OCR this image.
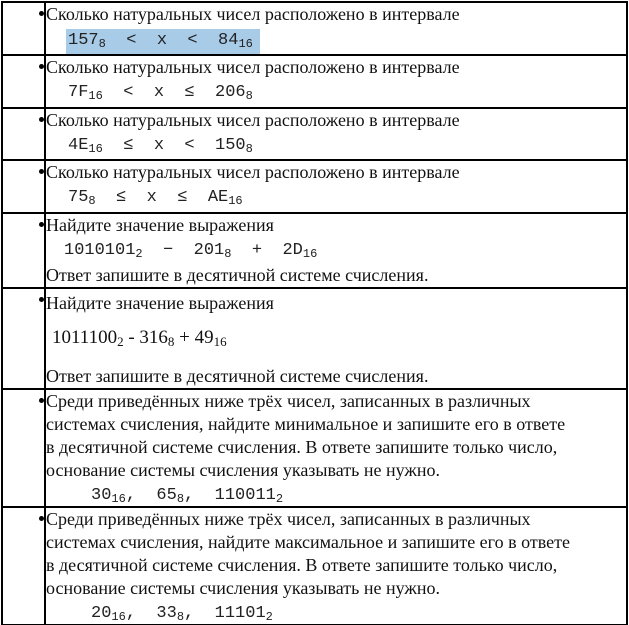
	Сколько натуральных чисел расположено в интервале
$157_8 < x < 84_{16}$

	Сколько натуральных чисел расположено в интервале
$7F_{16} < x \le 206_8$

	Сколько натуральных чисел расположено в интервале
$4E_{16} \le x < 150_8$

	Сколько натуральных чисел расположено в интервале
$75_8 \le x \le AE_{16}$

	Найдите значение выражения
$1010101_2 - 201_8 + 2D_{16}$
Ответ запишите в десятичной системе счисления.

	Найдите значение выражения
$1011100_2 - 316_8 + 49_{16}$
Ответ запишите в десятичной системе счисления.

	Среди приведённых ниже трёх чисел, записанных в различных
системах счисления, найдите минимальное и запишите его в ответе
в десятичной системе счисления. В ответе запишите только число,
основание системы счисления указывать не нужно.
$30_{16}$,  $65_8$,  $110011_2$

	Среди приведённых ниже трёх чисел, записанных в различных
системах счисления, найдите максимальное и запишите его в ответе
в десятичной системе счисления. В ответе запишите только число,
основание системы счисления указывать не нужно.
$20_{16}$,  $33_8$,  $11101_2$
